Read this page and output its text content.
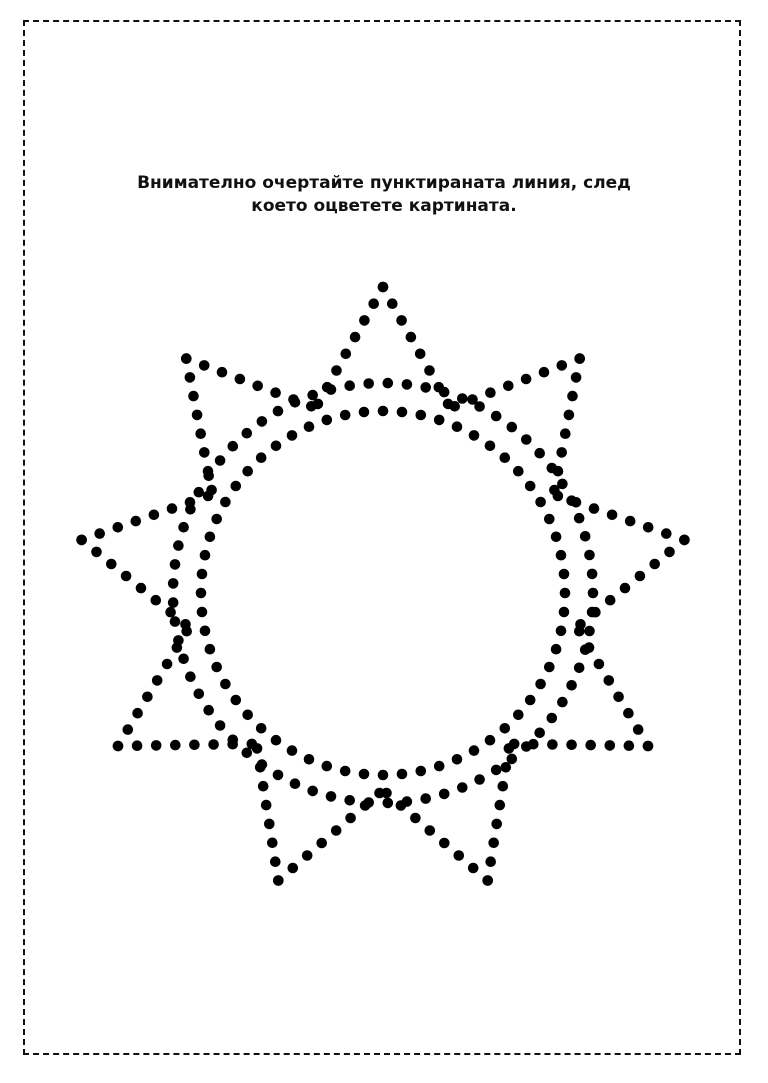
Внимателно очертайте пунктираната линия, след
което оцветете картината.
